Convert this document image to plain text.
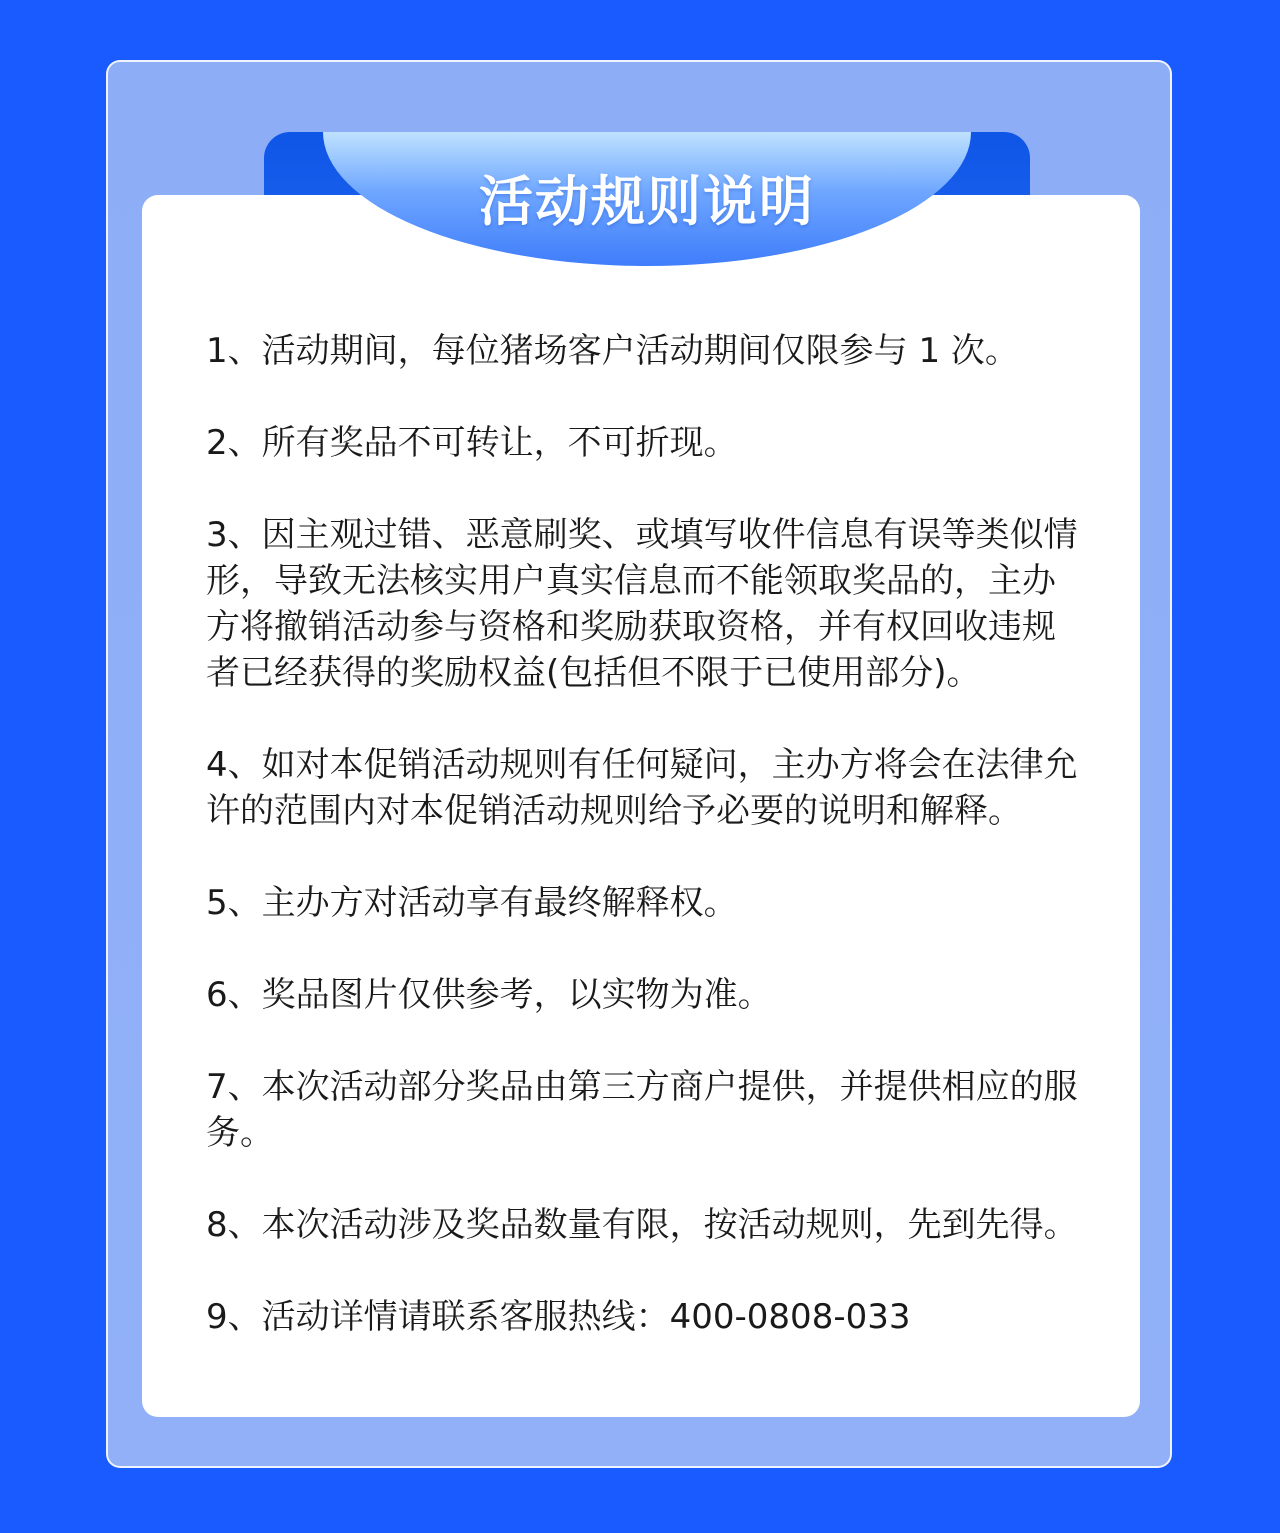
活动规则说明

1、活动期间，每位猪场客户活动期间仅限参与 1 次。

2、所有奖品不可转让，不可折现。

3、因主观过错、恶意刷奖、或填写收件信息有误等类似情形，导致无法核实用户真实信息而不能领取奖品的，主办方将撤销活动参与资格和奖励获取资格，并有权回收违规者已经获得的奖励权益(包括但不限于已使用部分)。

4、如对本促销活动规则有任何疑问，主办方将会在法律允许的范围内对本促销活动规则给予必要的说明和解释。

5、主办方对活动享有最终解释权。

6、奖品图片仅供参考，以实物为准。

7、本次活动部分奖品由第三方商户提供，并提供相应的服务。

8、本次活动涉及奖品数量有限，按活动规则，先到先得。

9、活动详情请联系客服热线：400-0808-033
